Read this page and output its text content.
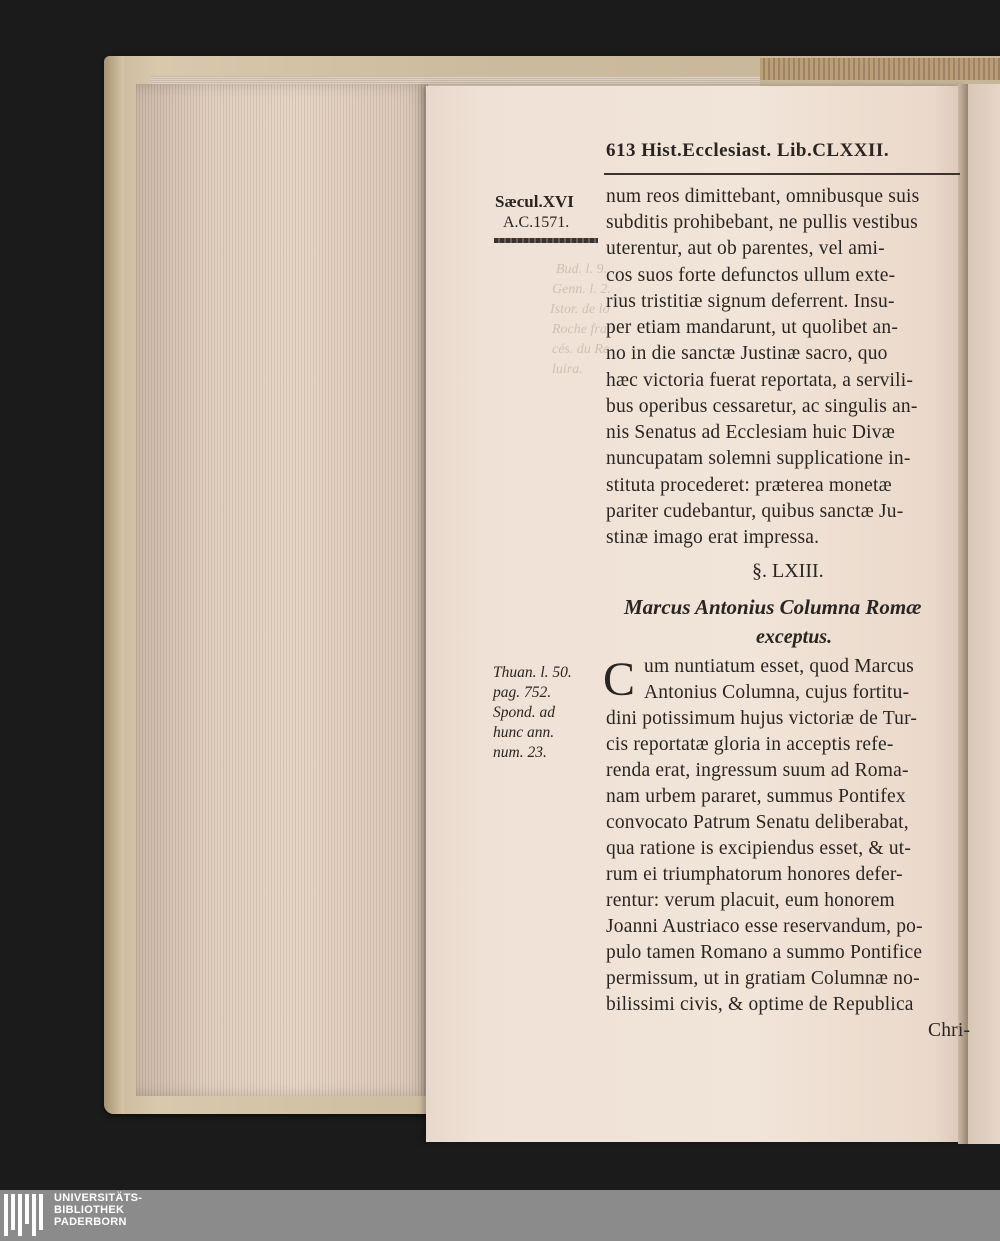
Bud. l. 9.
Genn. l. 2.
Istor. de lo
Roche fran-
cés. du Re-
luira.
613 Hist.Ecclesiast. Lib.CLXXII.
Sæcul.XVI
A.C.1571.
num reos dimittebant, omnibusque suis
subditis prohibebant, ne pullis vestibus
uterentur, aut ob parentes, vel ami-
cos suos forte defunctos ullum exte-
rius tristitiæ signum deferrent. Insu-
per etiam mandarunt, ut quolibet an-
no in die sanctæ Justinæ sacro, quo
hæc victoria fuerat reportata, a servili-
bus operibus cessaretur, ac singulis an-
nis Senatus ad Ecclesiam huic Divæ
nuncupatam solemni supplicatione in-
stituta procederet: præterea monetæ
pariter cudebantur, quibus sanctæ Ju-
stinæ imago erat impressa.
§. LXIII.
Marcus Antonius Columna Romæ
exceptus.
Thuan. l. 50.
pag. 752.
Spond. ad
hunc ann.
num. 23.
C um nuntiatum esset, quod Marcus
Antonius Columna, cujus fortitu-
dini potissimum hujus victoriæ de Tur-
cis reportatæ gloria in acceptis refe-
renda erat, ingressum suum ad Roma-
nam urbem pararet, summus Pontifex
convocato Patrum Senatu deliberabat,
qua ratione is excipiendus esset, & ut-
rum ei triumphatorum honores defer-
rentur: verum placuit, eum honorem
Joanni Austriaco esse reservandum, po-
pulo tamen Romano a summo Pontifice
permissum, ut in gratiam Columnæ no-
bilissimi civis, & optime de Republica
Chri-
UNIVERSITÄTS-
BIBLIOTHEK
PADERBORN
